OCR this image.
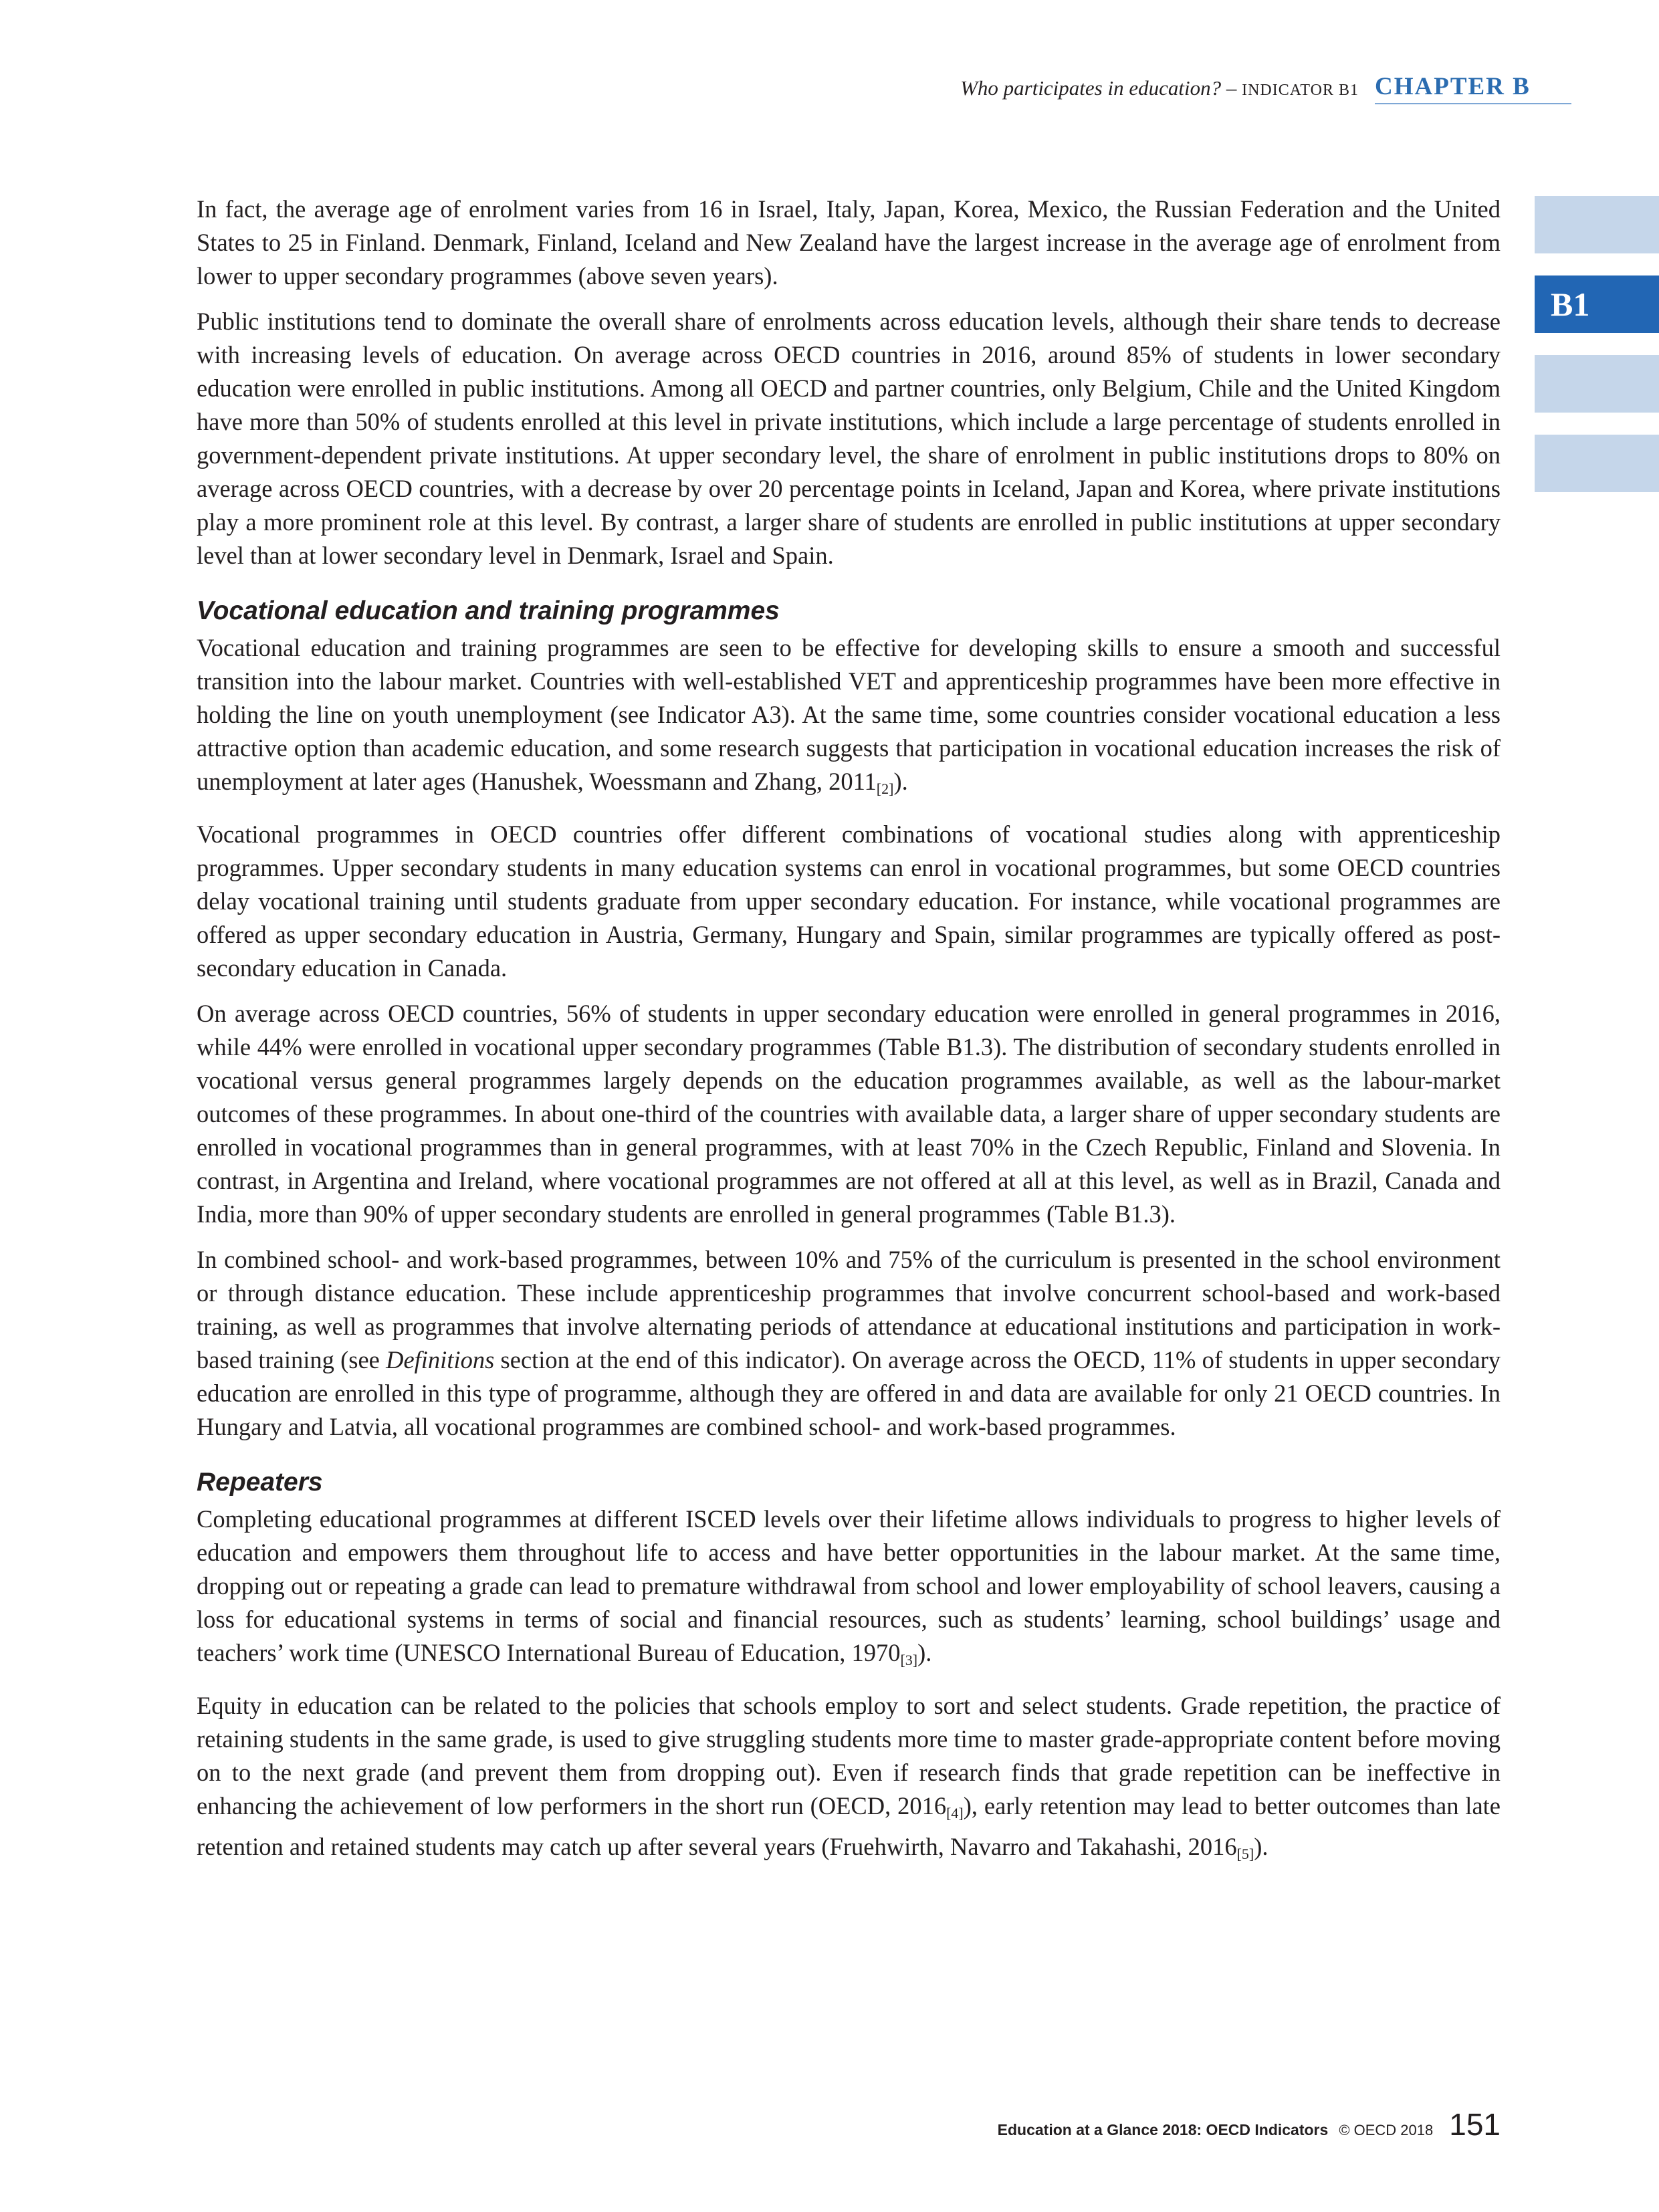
Who participates in education? – INDICATOR B1 CHAPTER B
B1

In fact, the average age of enrolment varies from 16 in Israel, Italy, Japan, Korea, Mexico, the Russian Federation and the United States to 25 in Finland. Denmark, Finland, Iceland and New Zealand have the largest increase in the average age of enrolment from lower to upper secondary programmes (above seven years).

Public institutions tend to dominate the overall share of enrolments across education levels, although their share tends to decrease with increasing levels of education. On average across OECD countries in 2016, around 85% of students in lower secondary education were enrolled in public institutions. Among all OECD and partner countries, only Belgium, Chile and the United Kingdom have more than 50% of students enrolled at this level in private institutions, which include a large percentage of students enrolled in government-dependent private institutions. At upper secondary level, the share of enrolment in public institutions drops to 80% on average across OECD countries, with a decrease by over 20 percentage points in Iceland, Japan and Korea, where private institutions play a more prominent role at this level. By contrast, a larger share of students are enrolled in public institutions at upper secondary level than at lower secondary level in Denmark, Israel and Spain.

Vocational education and training programmes

Vocational education and training programmes are seen to be effective for developing skills to ensure a smooth and successful transition into the labour market. Countries with well-established VET and apprenticeship programmes have been more effective in holding the line on youth unemployment (see Indicator A3). At the same time, some countries consider vocational education a less attractive option than academic education, and some research suggests that participation in vocational education increases the risk of unemployment at later ages (Hanushek, Woessmann and Zhang, 2011[2]).

Vocational programmes in OECD countries offer different combinations of vocational studies along with apprenticeship programmes. Upper secondary students in many education systems can enrol in vocational programmes, but some OECD countries delay vocational training until students graduate from upper secondary education. For instance, while vocational programmes are offered as upper secondary education in Austria, Germany, Hungary and Spain, similar programmes are typically offered as post-secondary education in Canada.

On average across OECD countries, 56% of students in upper secondary education were enrolled in general programmes in 2016, while 44% were enrolled in vocational upper secondary programmes (Table B1.3). The distribution of secondary students enrolled in vocational versus general programmes largely depends on the education programmes available, as well as the labour-market outcomes of these programmes. In about one-third of the countries with available data, a larger share of upper secondary students are enrolled in vocational programmes than in general programmes, with at least 70% in the Czech Republic, Finland and Slovenia. In contrast, in Argentina and Ireland, where vocational programmes are not offered at all at this level, as well as in Brazil, Canada and India, more than 90% of upper secondary students are enrolled in general programmes (Table B1.3).

In combined school- and work-based programmes, between 10% and 75% of the curriculum is presented in the school environment or through distance education. These include apprenticeship programmes that involve concurrent school-based and work-based training, as well as programmes that involve alternating periods of attendance at educational institutions and participation in work-based training (see Definitions section at the end of this indicator). On average across the OECD, 11% of students in upper secondary education are enrolled in this type of programme, although they are offered in and data are available for only 21 OECD countries. In Hungary and Latvia, all vocational programmes are combined school- and work-based programmes.

Repeaters

Completing educational programmes at different ISCED levels over their lifetime allows individuals to progress to higher levels of education and empowers them throughout life to access and have better opportunities in the labour market. At the same time, dropping out or repeating a grade can lead to premature withdrawal from school and lower employability of school leavers, causing a loss for educational systems in terms of social and financial resources, such as students’ learning, school buildings’ usage and teachers’ work time (UNESCO International Bureau of Education, 1970[3]).

Equity in education can be related to the policies that schools employ to sort and select students. Grade repetition, the practice of retaining students in the same grade, is used to give struggling students more time to master grade-appropriate content before moving on to the next grade (and prevent them from dropping out). Even if research finds that grade repetition can be ineffective in enhancing the achievement of low performers in the short run (OECD, 2016[4]), early retention may lead to better outcomes than late retention and retained students may catch up after several years (Fruehwirth, Navarro and Takahashi, 2016[5]).

Education at a Glance 2018: OECD Indicators © OECD 2018 151
